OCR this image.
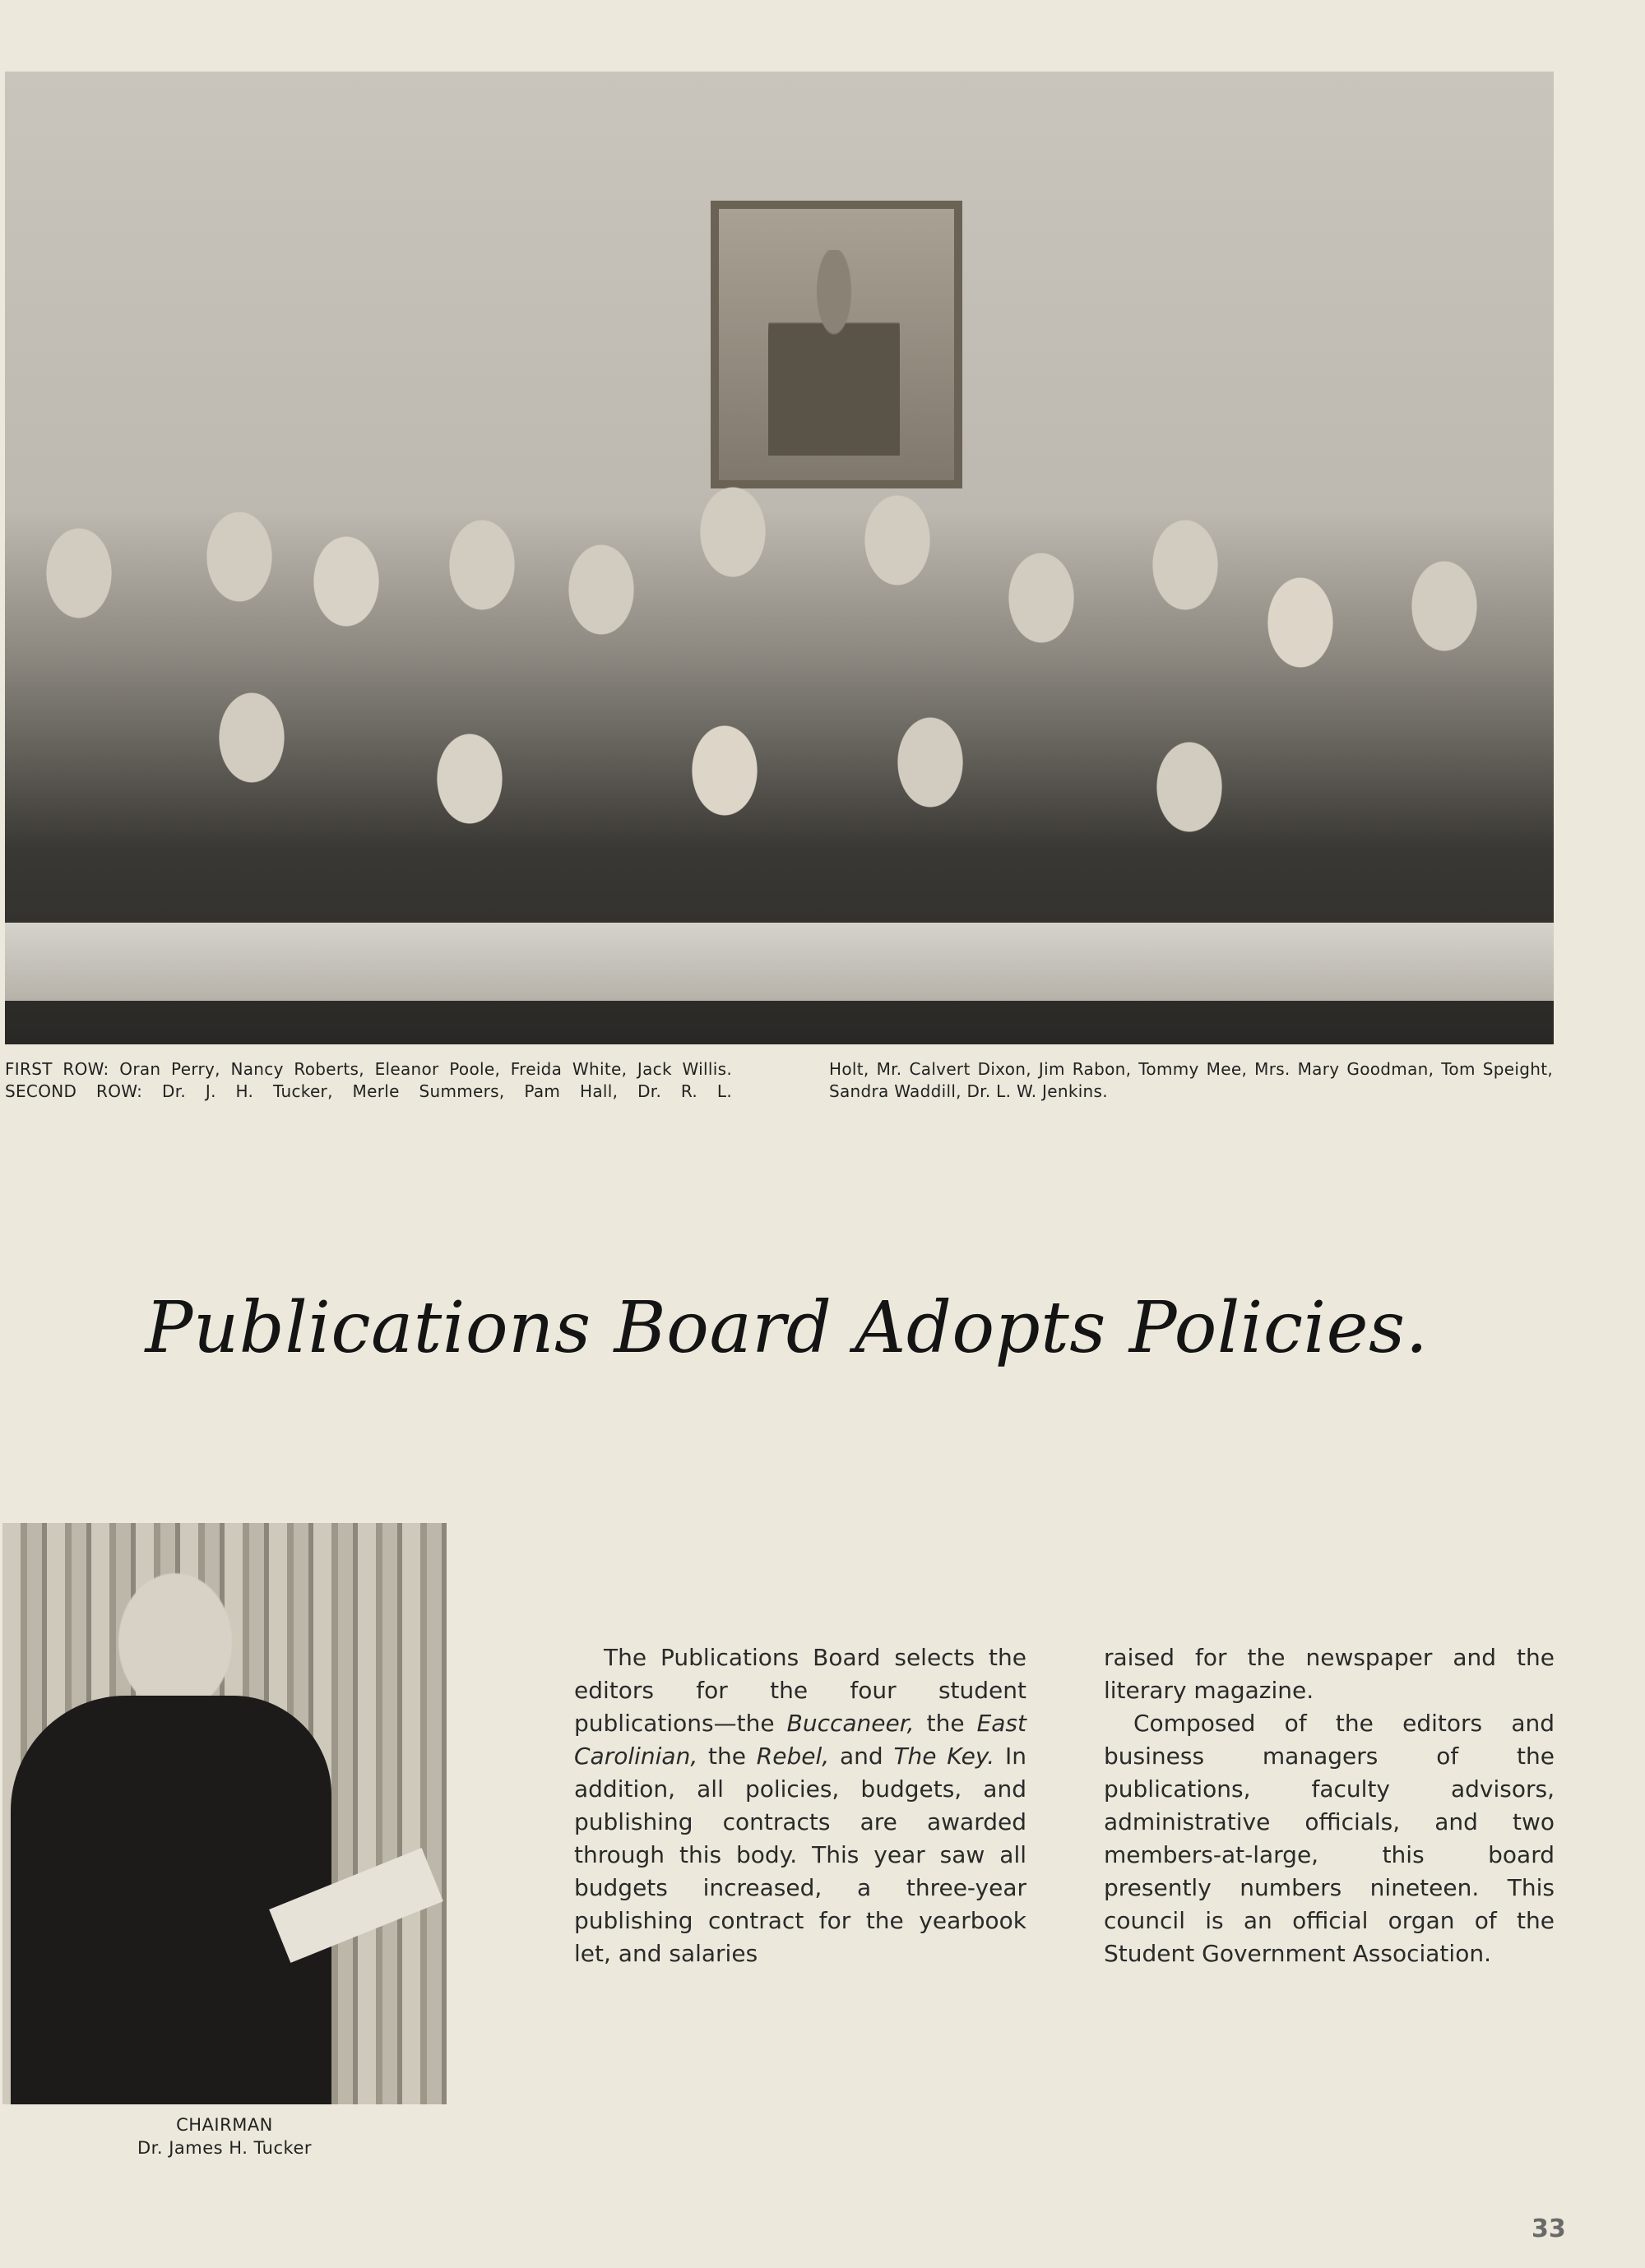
FIRST ROW: Oran Perry, Nancy Roberts, Eleanor Poole, Freida White, Jack Willis. SECOND ROW: Dr. J. H. Tucker, Merle Summers, Pam Hall, Dr. R. L.
Holt, Mr. Calvert Dixon, Jim Rabon, Tommy Mee, Mrs. Mary Goodman, Tom Speight, Sandra Waddill, Dr. L. W. Jenkins.
Publications Board Adopts Policies.
CHAIRMAN
Dr. James H. Tucker

The Publications Board selects the editors for the four student publications—the Buccaneer, the East Carolinian, the Rebel, and The Key. In addition, all policies, budgets, and publishing contracts are awarded through this body. This year saw all budgets increased, a three-year publishing contract for the yearbook let, and salaries

raised for the newspaper and the literary magazine.

Composed of the editors and business managers of the publications, faculty advisors, administrative officials, and two members-at-large, this board presently numbers nineteen. This council is an official organ of the Student Government Association.

33
